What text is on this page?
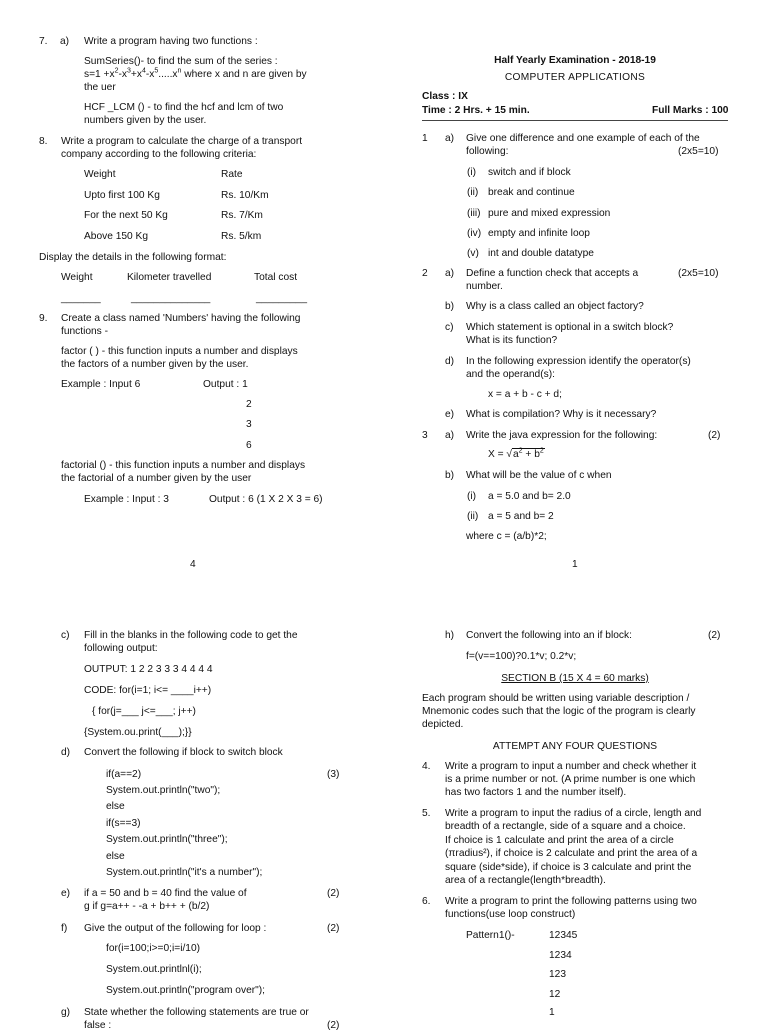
7. a) Write a program having two functions :
SumSeries()- to find the sum of the series :
$s=1 +x^2-x^3+x^4-x^5.....x^n$ where x and n are given by
the uer
HCF _LCM () - to find the hcf and lcm of two
numbers given by the user.
8. Write a program to calculate the charge of a transport
company according to the following criteria:
Weight	Rate
Upto first 100 Kg	Rs. 10/Km
For the next 50 Kg	Rs. 7/Km
Above 150 Kg	Rs. 5/km
Display the details in the following format:
Weight	Kilometer travelled	Total cost
_______	______________	_________
9. Create a class named 'Numbers' having the following
functions -
factor ( ) - this function inputs a number and displays
the factors of a number given by the user.
Example : Input 6	Output : 1
2
3
6
factorial () - this function inputs a number and displays
the factorial of a number given by the user
Example : Input : 3	Output : 6 (1 X 2 X 3 = 6)
4
Half Yearly Examination - 2018-19
COMPUTER APPLICATIONS
Class : IX
Time : 2 Hrs. + 15 min.	Full Marks : 100
1 a) Give one difference and one example of each of the
following:	(2x5=10)
(i) switch and if block
(ii) break and continue
(iii) pure and mixed expression
(iv) empty and infinite loop
(v) int and double datatype
2 a) Define a function check that accepts a	(2x5=10)
number.
b) Why is a class called an object factory?
c) Which statement is optional in a switch block?
What is its function?
d) In the following expression identify the operator(s)
and the operand(s):
x = a + b - c + d;
e) What is compilation? Why is it necessary?
3 a) Write the java expression for the following:	(2)
$X = √a^2 + b^2$
b) What will be the value of c when
(i) a = 5.0 and b= 2.0
(ii) a = 5 and b= 2
where c = (a/b)*2;
1
c) Fill in the blanks in the following code to get the
following output:
OUTPUT: 1 2 2 3 3 3 4 4 4 4
CODE: for(i=1; i<= ____i++)
{ for(j=___ j<=___; j++)
{System.ou.print(___);}}
d) Convert the following if block to switch block
(3)
if(a==2)
System.out.println("two");
else
if(s==3)
System.out.println("three");
else
System.out.println("it's a number");
e) if a = 50 and b = 40 find the value of	(2)
g if g=a++ - -a + b++ + (b/2)
f) Give the output of the following for loop :	(2)
for(i=100;i>=0;i=i/10)
System.out.printlnl(i);
System.out.println("program over");
g) State whether the following statements are true or
false :	(2)
h) Convert the following into an if block:	(2)
f=(v==100)?0.1*v; 0.2*v;
SECTION B (15 X 4 = 60 marks)
Each program should be written using variable description /
Mnemonic codes such that the logic of the program is clearly
depicted.
ATTEMPT ANY FOUR QUESTIONS
4. Write a program to input a number and check whether it
is a prime number or not. (A prime number is one which
has two factors 1 and the number itself).
5. Write a program to input the radius of a circle, length and
breadth of a rectangle, side of a square and a choice.
If choice is 1 calculate and print the area of a circle
(πradius²), if choice is 2 calculate and print the area of a
square (side*side), if choice is 3 calculate and print the
area of a rectangle(length*breadth).
6. Write a program to print the following patterns using two
functions(use loop construct)
Pattern1()-	12345
1234
123
12
1
